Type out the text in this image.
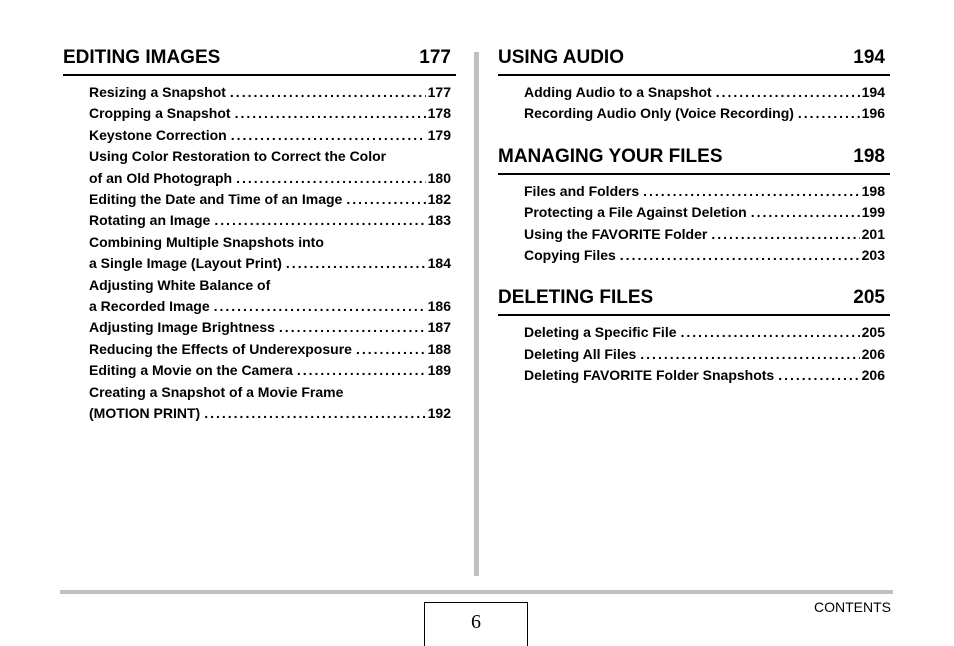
EDITING IMAGES	177
Resizing a Snapshot .....	177
Cropping a Snapshot .....	178
Keystone Correction .....	179
Using Color Restoration to Correct the Color
of an Old Photograph .....	180
Editing the Date and Time of an Image .....	182
Rotating an Image .....	183
Combining Multiple Snapshots into
a Single Image (Layout Print) .....	184
Adjusting White Balance of
a Recorded Image .....	186
Adjusting Image Brightness .....	187
Reducing the Effects of Underexposure .....	188
Editing a Movie on the Camera .....	189
Creating a Snapshot of a Movie Frame
(MOTION PRINT) .....	192
USING AUDIO	194
Adding Audio to a Snapshot .....	194
Recording Audio Only (Voice Recording) .....	196
MANAGING YOUR FILES	198
Files and Folders .....	198
Protecting a File Against Deletion .....	199
Using the FAVORITE Folder .....	201
Copying Files .....	203
DELETING FILES	205
Deleting a Specific File .....	205
Deleting All Files .....	206
Deleting FAVORITE Folder Snapshots .....	206
6
CONTENTS
